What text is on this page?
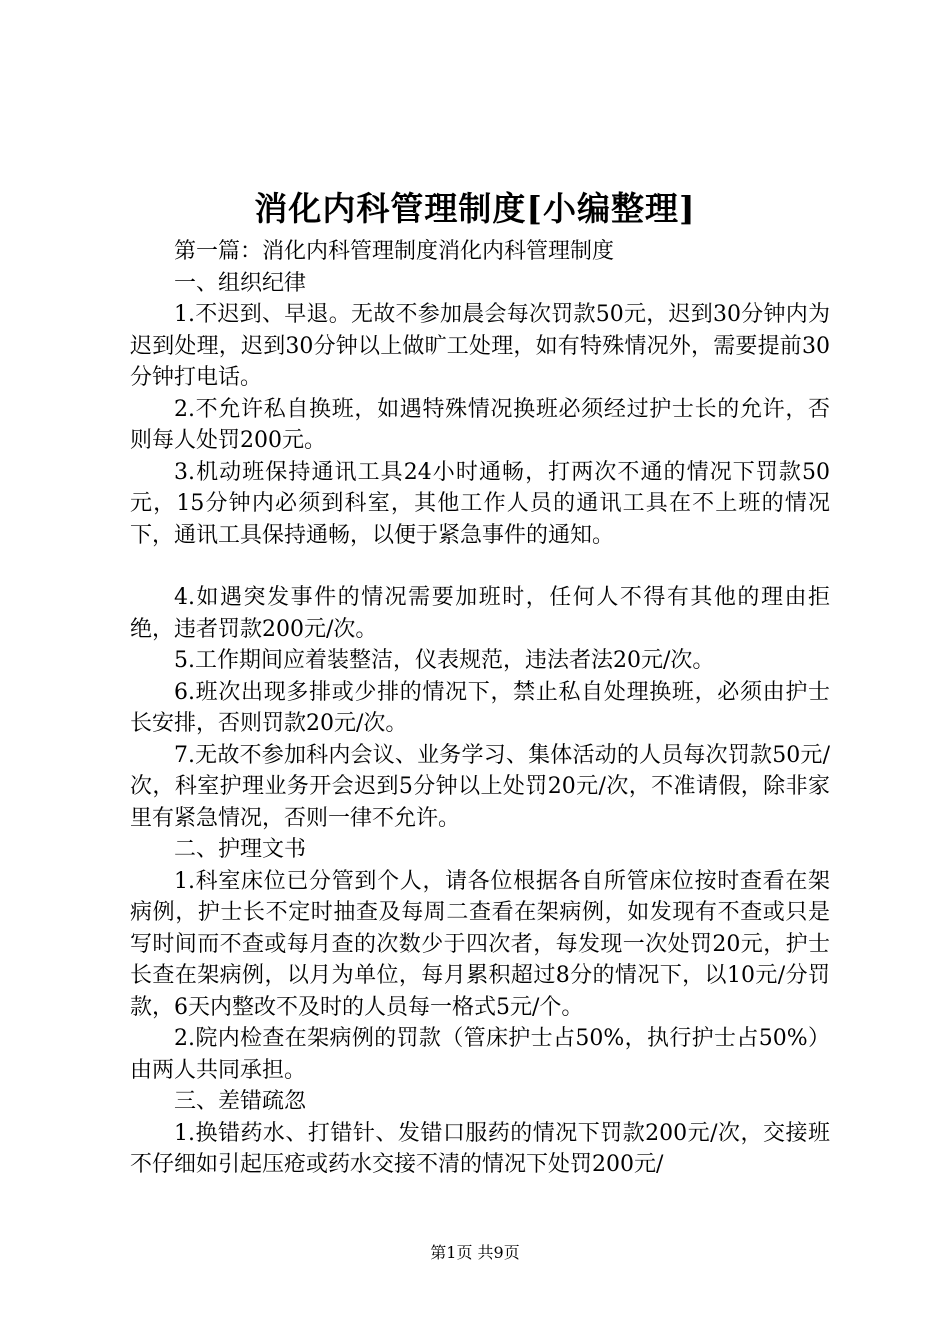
消化内科管理制度[小编整理]

第一篇：消化内科管理制度消化内科管理制度

一、组织纪律

1.不迟到、早退。无故不参加晨会每次罚款50元，迟到30分钟内为迟到处理，迟到30分钟以上做旷工处理，如有特殊情况外，需要提前30分钟打电话。

2.不允许私自换班，如遇特殊情况换班必须经过护士长的允许，否则每人处罚200元。

3.机动班保持通讯工具24小时通畅，打两次不通的情况下罚款50元，15分钟内必须到科室，其他工作人员的通讯工具在不上班的情况下，通讯工具保持通畅，以便于紧急事件的通知。

4.如遇突发事件的情况需要加班时，任何人不得有其他的理由拒绝，违者罚款200元/次。

5.工作期间应着装整洁，仪表规范，违法者法20元/次。

6.班次出现多排或少排的情况下，禁止私自处理换班，必须由护士长安排，否则罚款20元/次。

7.无故不参加科内会议、业务学习、集体活动的人员每次罚款50元/次，科室护理业务开会迟到5分钟以上处罚20元/次，不准请假，除非家里有紧急情况，否则一律不允许。

二、护理文书

1.科室床位已分管到个人，请各位根据各自所管床位按时查看在架病例，护士长不定时抽查及每周二查看在架病例，如发现有不查或只是写时间而不查或每月查的次数少于四次者，每发现一次处罚20元，护士长查在架病例，以月为单位，每月累积超过8分的情况下，以10元/分罚款，6天内整改不及时的人员每一格式5元/个。

2.院内检查在架病例的罚款（管床护士占50%，执行护士占50%）由两人共同承担。

三、差错疏忽

1.换错药水、打错针、发错口服药的情况下罚款200元/次，交接班不仔细如引起压疮或药水交接不清的情况下处罚200元/

第1页 共9页
